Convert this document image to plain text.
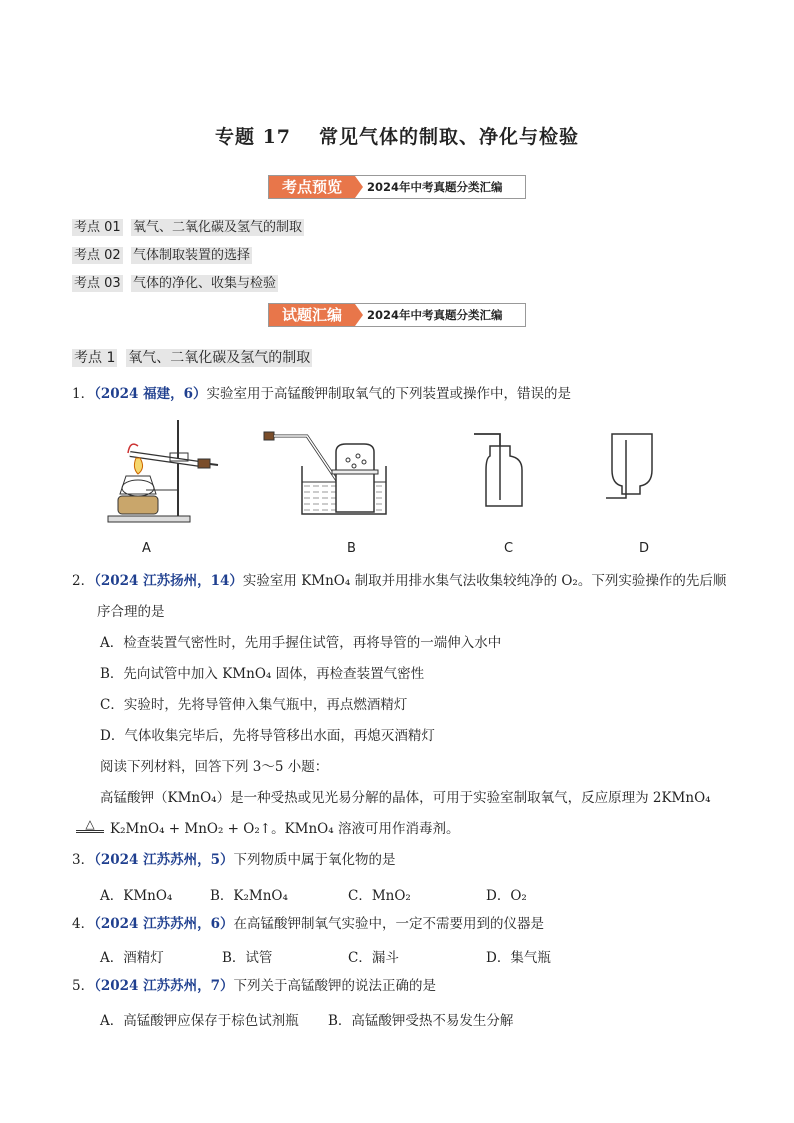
专题 17 常见气体的制取、净化与检验
考点预览	2024年中考真题分类汇编
考点 01 氧气、二氧化碳及氢气的制取
考点 02 气体制取装置的选择
考点 03 气体的净化、收集与检验
试题汇编	2024年中考真题分类汇编
考点 1 氧气、二氧化碳及氢气的制取
1．（2024 福建，6）实验室用于高锰酸钾制取氧气的下列装置或操作中，错误的是
A	B	C	D
2．（2024 江苏扬州，14）实验室用 KMnO₄ 制取并用排水集气法收集较纯净的 O₂。下列实验操作的先后顺
序合理的是
A．检查装置气密性时，先用手握住试管，再将导管的一端伸入水中
B．先向试管中加入 KMnO₄ 固体，再检查装置气密性
C．实验时，先将导管伸入集气瓶中，再点燃酒精灯
D．气体收集完毕后，先将导管移出水面，再熄灭酒精灯
阅读下列材料，回答下列 3～5 小题：
高锰酸钾（KMnO₄）是一种受热或见光易分解的晶体，可用于实验室制取氧气，反应原理为 2KMnO₄
△	K₂MnO₄ + MnO₂ + O₂↑。KMnO₄ 溶液可用作消毒剂。
3．（2024 江苏苏州，5）下列物质中属于氧化物的是
A．KMnO₄	B．K₂MnO₄	C．MnO₂	D．O₂
4．（2024 江苏苏州，6）在高锰酸钾制氧气实验中，一定不需要用到的仪器是
A．酒精灯	B．试管	C．漏斗	D．集气瓶
5．（2024 江苏苏州，7）下列关于高锰酸钾的说法正确的是
A．高锰酸钾应保存于棕色试剂瓶 B．高锰酸钾受热不易发生分解
